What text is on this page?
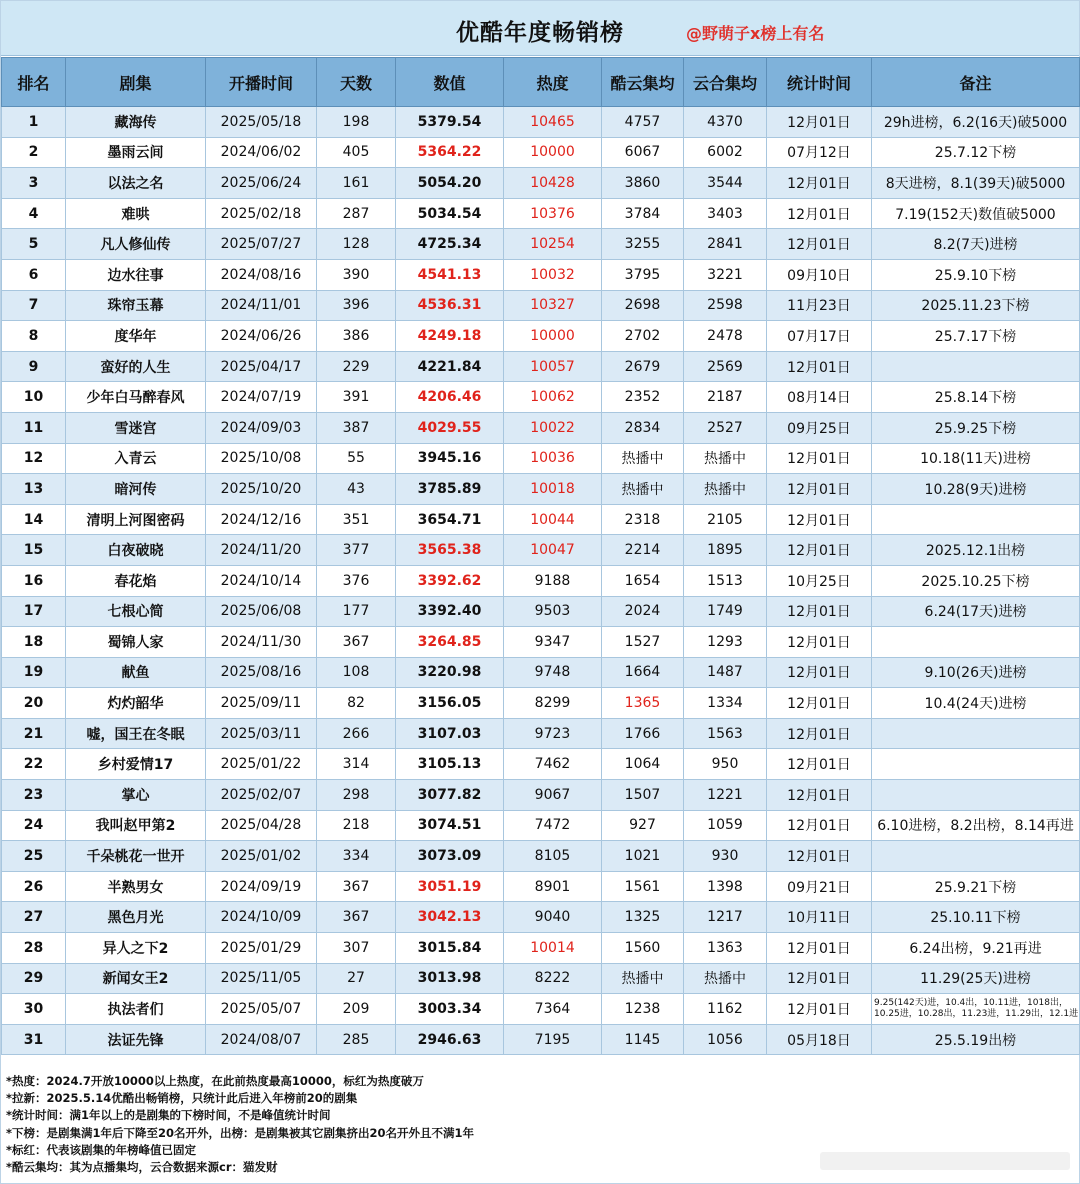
优酷年度畅销榜	@野萌子x榜上有名
排名	剧集	开播时间	天数	数值	热度	酷云集均	云合集均	统计时间	备注
1	藏海传	2025/05/18	198	5379.54	10465	4757	4370	12月01日	29h进榜，6.2(16天)破5000
2	墨雨云间	2024/06/02	405	5364.22	10000	6067	6002	07月12日	25.7.12下榜
3	以法之名	2025/06/24	161	5054.20	10428	3860	3544	12月01日	8天进榜，8.1(39天)破5000
4	难哄	2025/02/18	287	5034.54	10376	3784	3403	12月01日	7.19(152天)数值破5000
5	凡人修仙传	2025/07/27	128	4725.34	10254	3255	2841	12月01日	8.2(7天)进榜
6	边水往事	2024/08/16	390	4541.13	10032	3795	3221	09月10日	25.9.10下榜
7	珠帘玉幕	2024/11/01	396	4536.31	10327	2698	2598	11月23日	2025.11.23下榜
8	度华年	2024/06/26	386	4249.18	10000	2702	2478	07月17日	25.7.17下榜
9	蛮好的人生	2025/04/17	229	4221.84	10057	2679	2569	12月01日	
10	少年白马醉春风	2024/07/19	391	4206.46	10062	2352	2187	08月14日	25.8.14下榜
11	雪迷宫	2024/09/03	387	4029.55	10022	2834	2527	09月25日	25.9.25下榜
12	入青云	2025/10/08	55	3945.16	10036	热播中	热播中	12月01日	10.18(11天)进榜
13	暗河传	2025/10/20	43	3785.89	10018	热播中	热播中	12月01日	10.28(9天)进榜
14	清明上河图密码	2024/12/16	351	3654.71	10044	2318	2105	12月01日	
15	白夜破晓	2024/11/20	377	3565.38	10047	2214	1895	12月01日	2025.12.1出榜
16	春花焰	2024/10/14	376	3392.62	9188	1654	1513	10月25日	2025.10.25下榜
17	七根心简	2025/06/08	177	3392.40	9503	2024	1749	12月01日	6.24(17天)进榜
18	蜀锦人家	2024/11/30	367	3264.85	9347	1527	1293	12月01日	
19	献鱼	2025/08/16	108	3220.98	9748	1664	1487	12月01日	9.10(26天)进榜
20	灼灼韶华	2025/09/11	82	3156.05	8299	1365	1334	12月01日	10.4(24天)进榜
21	嘘，国王在冬眠	2025/03/11	266	3107.03	9723	1766	1563	12月01日	
22	乡村爱情17	2025/01/22	314	3105.13	7462	1064	950	12月01日	
23	掌心	2025/02/07	298	3077.82	9067	1507	1221	12月01日	
24	我叫赵甲第2	2025/04/28	218	3074.51	7472	927	1059	12月01日	6.10进榜，8.2出榜，8.14再进
25	千朵桃花一世开	2025/01/02	334	3073.09	8105	1021	930	12月01日	
26	半熟男女	2024/09/19	367	3051.19	8901	1561	1398	09月21日	25.9.21下榜
27	黑色月光	2024/10/09	367	3042.13	9040	1325	1217	10月11日	25.10.11下榜
28	异人之下2	2025/01/29	307	3015.84	10014	1560	1363	12月01日	6.24出榜，9.21再进
29	新闻女王2	2025/11/05	27	3013.98	8222	热播中	热播中	12月01日	11.29(25天)进榜
30	执法者们	2025/05/07	209	3003.34	7364	1238	1162	12月01日	9.25(142天)进，10.4出，10.11进，1018出，10.25进，10.28出，11.23进，11.29出，12.1进
31	法证先锋	2024/08/07	285	2946.63	7195	1145	1056	05月18日	25.5.19出榜
*热度：2024.7开放10000以上热度，在此前热度最高10000，标红为热度破万
*拉新：2025.5.14优酷出畅销榜，只统计此后进入年榜前20的剧集
*统计时间：满1年以上的是剧集的下榜时间，不是峰值统计时间
*下榜：是剧集满1年后下降至20名开外，出榜：是剧集被其它剧集挤出20名开外且不满1年
*标红：代表该剧集的年榜峰值已固定
*酷云集均：其为点播集均，云合数据来源cr：猫发财
